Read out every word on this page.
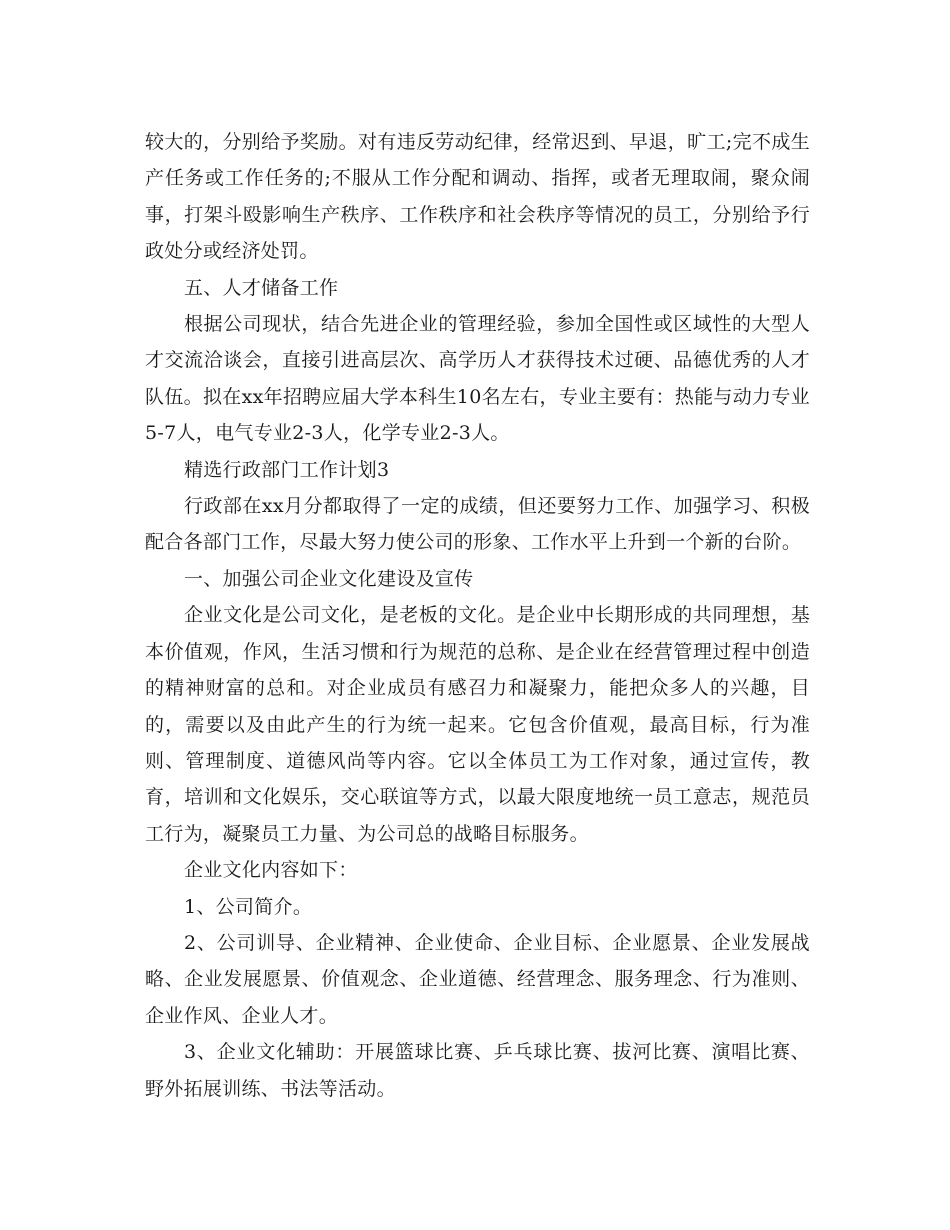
较大的，分别给予奖励。对有违反劳动纪律，经常迟到、早退，旷工;完不成生产任务或工作任务的;不服从工作分配和调动、指挥，或者无理取闹，聚众闹事，打架斗殴影响生产秩序、工作秩序和社会秩序等情况的员工，分别给予行政处分或经济处罚。

五、人才储备工作

根据公司现状，结合先进企业的管理经验，参加全国性或区域性的大型人才交流洽谈会，直接引进高层次、高学历人才获得技术过硬、品德优秀的人才队伍。拟在xx年招聘应届大学本科生10名左右，专业主要有：热能与动力专业5-7人，电气专业2-3人，化学专业2-3人。

精选行政部门工作计划3

行政部在xx月分都取得了一定的成绩，但还要努力工作、加强学习、积极配合各部门工作，尽最大努力使公司的形象、工作水平上升到一个新的台阶。

一、加强公司企业文化建设及宣传

企业文化是公司文化，是老板的文化。是企业中长期形成的共同理想，基本价值观，作风，生活习惯和行为规范的总称、是企业在经营管理过程中创造的精神财富的总和。对企业成员有感召力和凝聚力，能把众多人的兴趣，目的，需要以及由此产生的行为统一起来。它包含价值观，最高目标，行为准则、管理制度、道德风尚等内容。它以全体员工为工作对象，通过宣传，教育，培训和文化娱乐，交心联谊等方式，以最大限度地统一员工意志，规范员工行为，凝聚员工力量、为公司总的战略目标服务。

企业文化内容如下：

1、公司简介。

2、公司训导、企业精神、企业使命、企业目标、企业愿景、企业发展战略、企业发展愿景、价值观念、企业道德、经营理念、服务理念、行为准则、企业作风、企业人才。

3、企业文化辅助：开展篮球比赛、乒乓球比赛、拔河比赛、演唱比赛、野外拓展训练、书法等活动。
